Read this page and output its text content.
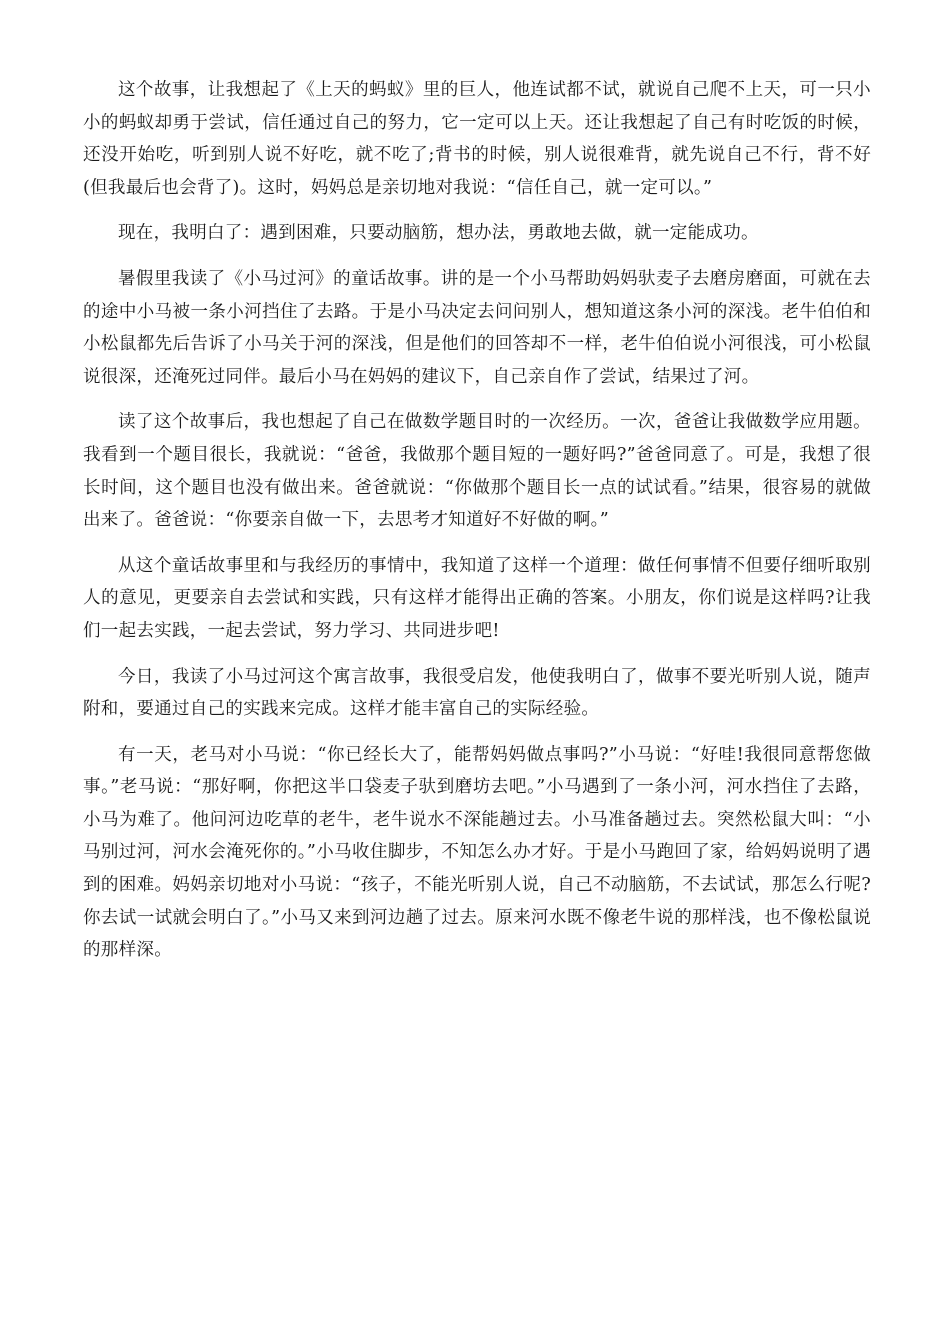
这个故事，让我想起了《上天的蚂蚁》里的巨人，他连试都不试，就说自己爬不上天，可一只小小的蚂蚁却勇于尝试，信任通过自己的努力，它一定可以上天。还让我想起了自己有时吃饭的时候，还没开始吃，听到别人说不好吃，就不吃了;背书的时候，别人说很难背，就先说自己不行，背不好(但我最后也会背了)。这时，妈妈总是亲切地对我说：“信任自己，就一定可以。”

现在，我明白了：遇到困难，只要动脑筋，想办法，勇敢地去做，就一定能成功。

暑假里我读了《小马过河》的童话故事。讲的是一个小马帮助妈妈驮麦子去磨房磨面，可就在去的途中小马被一条小河挡住了去路。于是小马决定去问问别人，想知道这条小河的深浅。老牛伯伯和小松鼠都先后告诉了小马关于河的深浅，但是他们的回答却不一样，老牛伯伯说小河很浅，可小松鼠说很深，还淹死过同伴。最后小马在妈妈的建议下，自己亲自作了尝试，结果过了河。

读了这个故事后，我也想起了自己在做数学题目时的一次经历。一次，爸爸让我做数学应用题。我看到一个题目很长，我就说：“爸爸，我做那个题目短的一题好吗?”爸爸同意了。可是，我想了很长时间，这个题目也没有做出来。爸爸就说：“你做那个题目长一点的试试看。”结果，很容易的就做出来了。爸爸说：“你要亲自做一下，去思考才知道好不好做的啊。”

从这个童话故事里和与我经历的事情中，我知道了这样一个道理：做任何事情不但要仔细听取别人的意见，更要亲自去尝试和实践，只有这样才能得出正确的答案。小朋友，你们说是这样吗?让我们一起去实践，一起去尝试，努力学习、共同进步吧!

今日，我读了小马过河这个寓言故事，我很受启发，他使我明白了，做事不要光听别人说，随声附和，要通过自己的实践来完成。这样才能丰富自己的实际经验。

有一天，老马对小马说：“你已经长大了，能帮妈妈做点事吗?”小马说：“好哇!我很同意帮您做事。”老马说：“那好啊，你把这半口袋麦子驮到磨坊去吧。”小马遇到了一条小河，河水挡住了去路，小马为难了。他问河边吃草的老牛，老牛说水不深能趟过去。小马准备趟过去。突然松鼠大叫：“小马别过河，河水会淹死你的。”小马收住脚步，不知怎么办才好。于是小马跑回了家，给妈妈说明了遇到的困难。妈妈亲切地对小马说：“孩子，不能光听别人说，自己不动脑筋，不去试试，那怎么行呢?你去试一试就会明白了。”小马又来到河边趟了过去。原来河水既不像老牛说的那样浅，也不像松鼠说的那样深。
